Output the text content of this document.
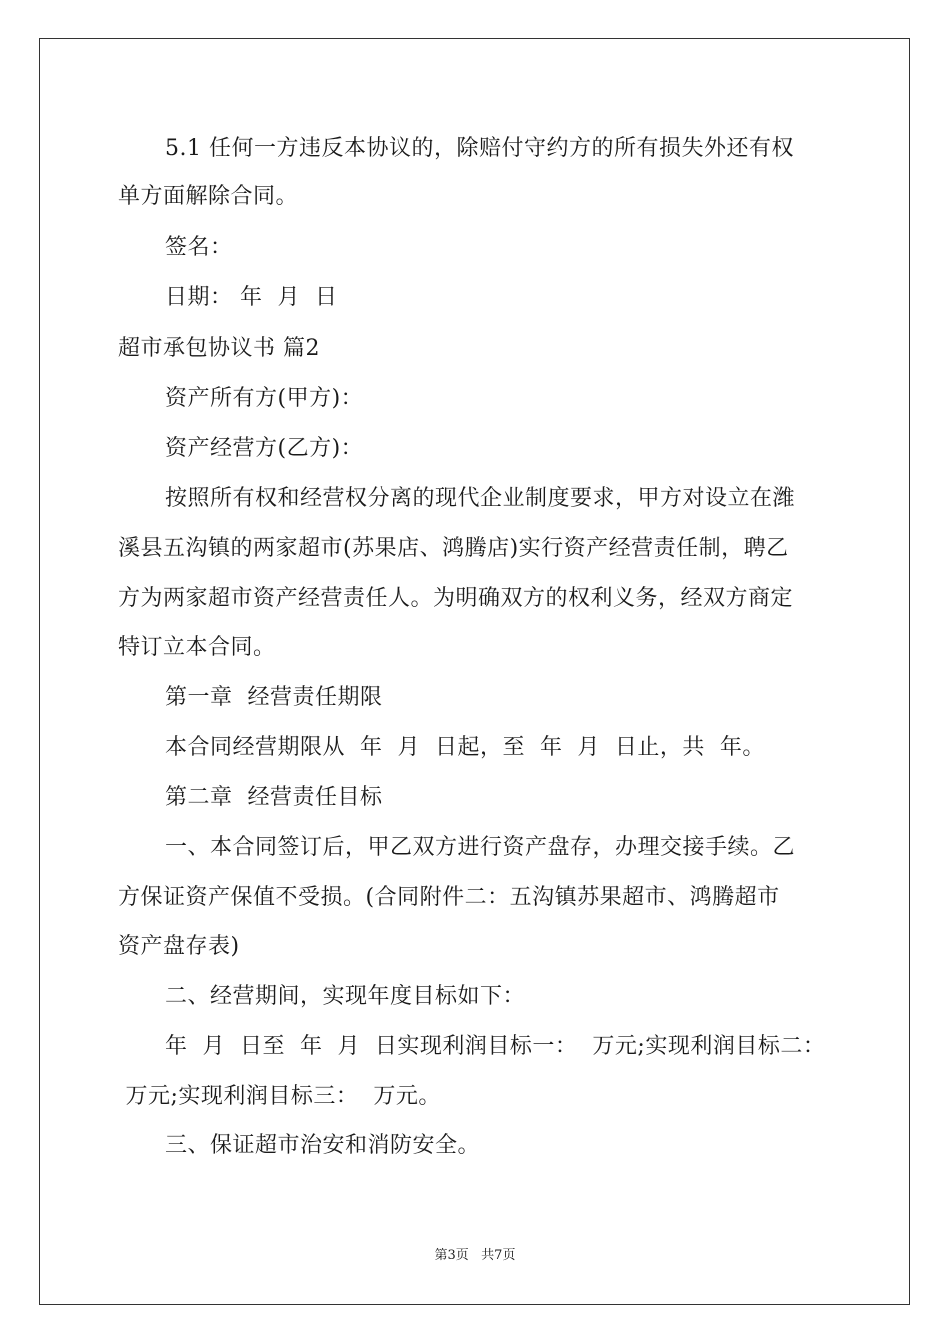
5.1 任何一方违反本协议的，除赔付守约方的所有损失外还有权
单方面解除合同。
签名：
日期： 年  月  日
超市承包协议书 篇2
资产所有方(甲方)：
资产经营方(乙方)：
按照所有权和经营权分离的现代企业制度要求，甲方对设立在潍
溪县五沟镇的两家超市(苏果店、鸿腾店)实行资产经营责任制，聘乙
方为两家超市资产经营责任人。为明确双方的权利义务，经双方商定
特订立本合同。
第一章  经营责任期限
本合同经营期限从  年  月  日起，至  年  月  日止，共  年。
第二章  经营责任目标
一、本合同签订后，甲乙双方进行资产盘存，办理交接手续。乙
方保证资产保值不受损。(合同附件二：五沟镇苏果超市、鸿腾超市
资产盘存表)
二、经营期间，实现年度目标如下：
年  月  日至  年  月  日实现利润目标一：  万元;实现利润目标二：
万元;实现利润目标三：  万元。
三、保证超市治安和消防安全。
第3页   共7页
